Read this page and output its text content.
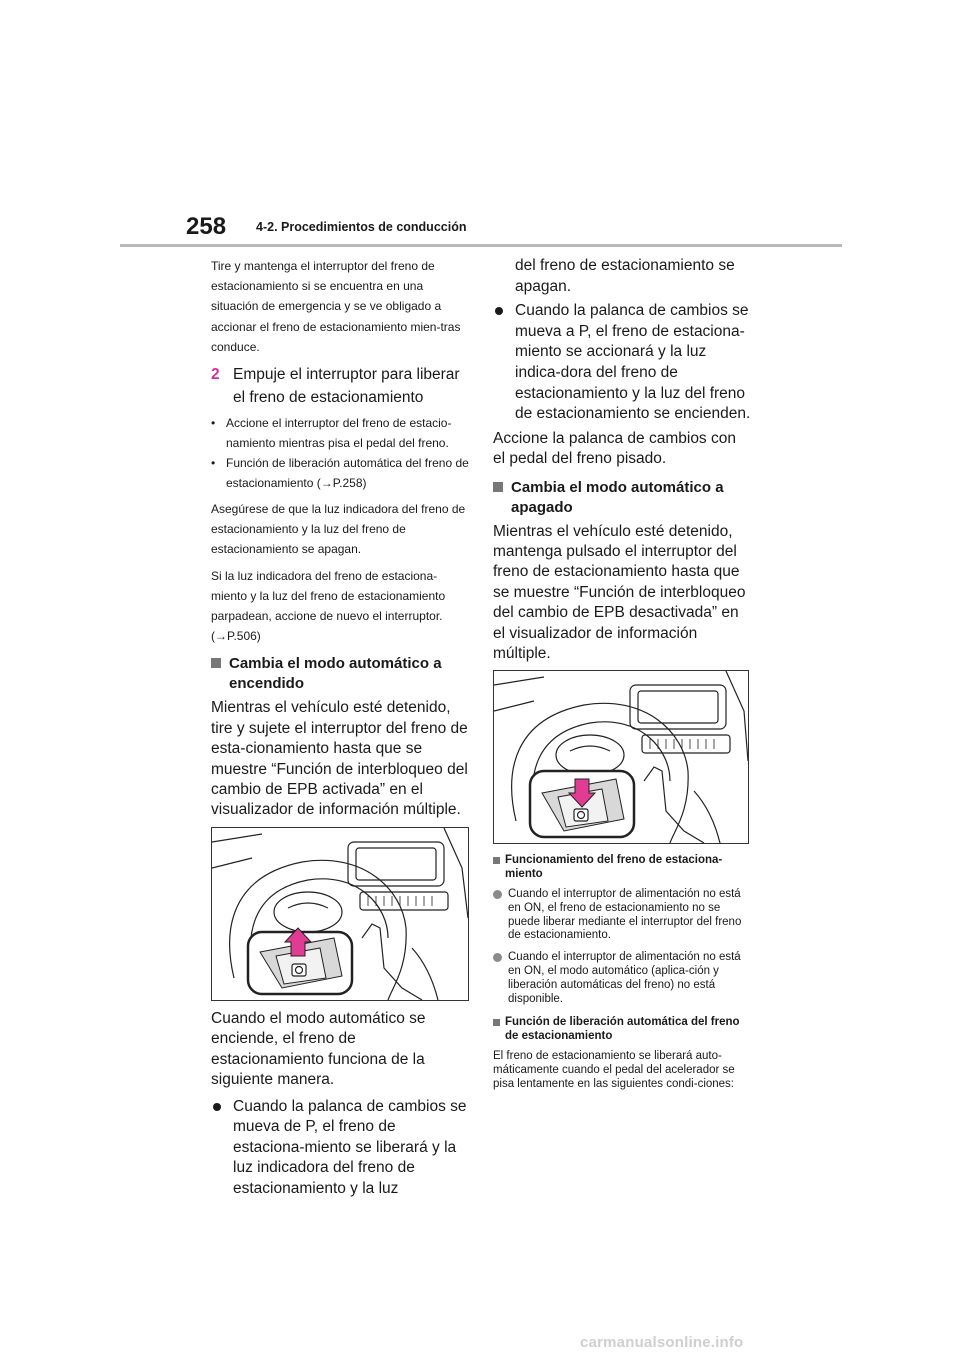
258 4-2. Procedimientos de conducción

Tire y mantenga el interruptor del freno de estacionamiento si se encuentra en una situación de emergencia y se ve obligado a accionar el freno de estacionamiento mien-tras conduce.

2 Empuje el interruptor para liberar el freno de estacionamiento
• Accione el interruptor del freno de estacio-namiento mientras pisa el pedal del freno.
• Función de liberación automática del freno de estacionamiento (→P.258)

Asegúrese de que la luz indicadora del freno de estacionamiento y la luz del freno de estacionamiento se apagan.

Si la luz indicadora del freno de estaciona-miento y la luz del freno de estacionamiento parpadean, accione de nuevo el interruptor. (→P.506)

Cambia el modo automático a encendido

Mientras el vehículo esté detenido, tire y sujete el interruptor del freno de esta-cionamiento hasta que se muestre “Función de interbloqueo del cambio de EPB activada” en el visualizador de información múltiple.

Cuando el modo automático se enciende, el freno de estacionamiento funciona de la siguiente manera.

Cuando la palanca de cambios se mueva de P, el freno de estaciona-miento se liberará y la luz indicadora del freno de estacionamiento y la luz
del freno de estacionamiento se apagan.
Cuando la palanca de cambios se mueva a P, el freno de estaciona-miento se accionará y la luz indica-dora del freno de estacionamiento y la luz del freno de estacionamiento se encienden.

Accione la palanca de cambios con el pedal del freno pisado.

Cambia el modo automático a apagado

Mientras el vehículo esté detenido, mantenga pulsado el interruptor del freno de estacionamiento hasta que se muestre “Función de interbloqueo del cambio de EPB desactivada” en el visualizador de información múltiple.

Funcionamiento del freno de estaciona-miento
Cuando el interruptor de alimentación no está en ON, el freno de estacionamiento no se puede liberar mediante el interruptor del freno de estacionamiento.
Cuando el interruptor de alimentación no está en ON, el modo automático (aplica-ción y liberación automáticas del freno) no está disponible.
Función de liberación automática del freno de estacionamiento

El freno de estacionamiento se liberará auto-máticamente cuando el pedal del acelerador se pisa lentamente en las siguientes condi-ciones:

carmanualsonline.info
